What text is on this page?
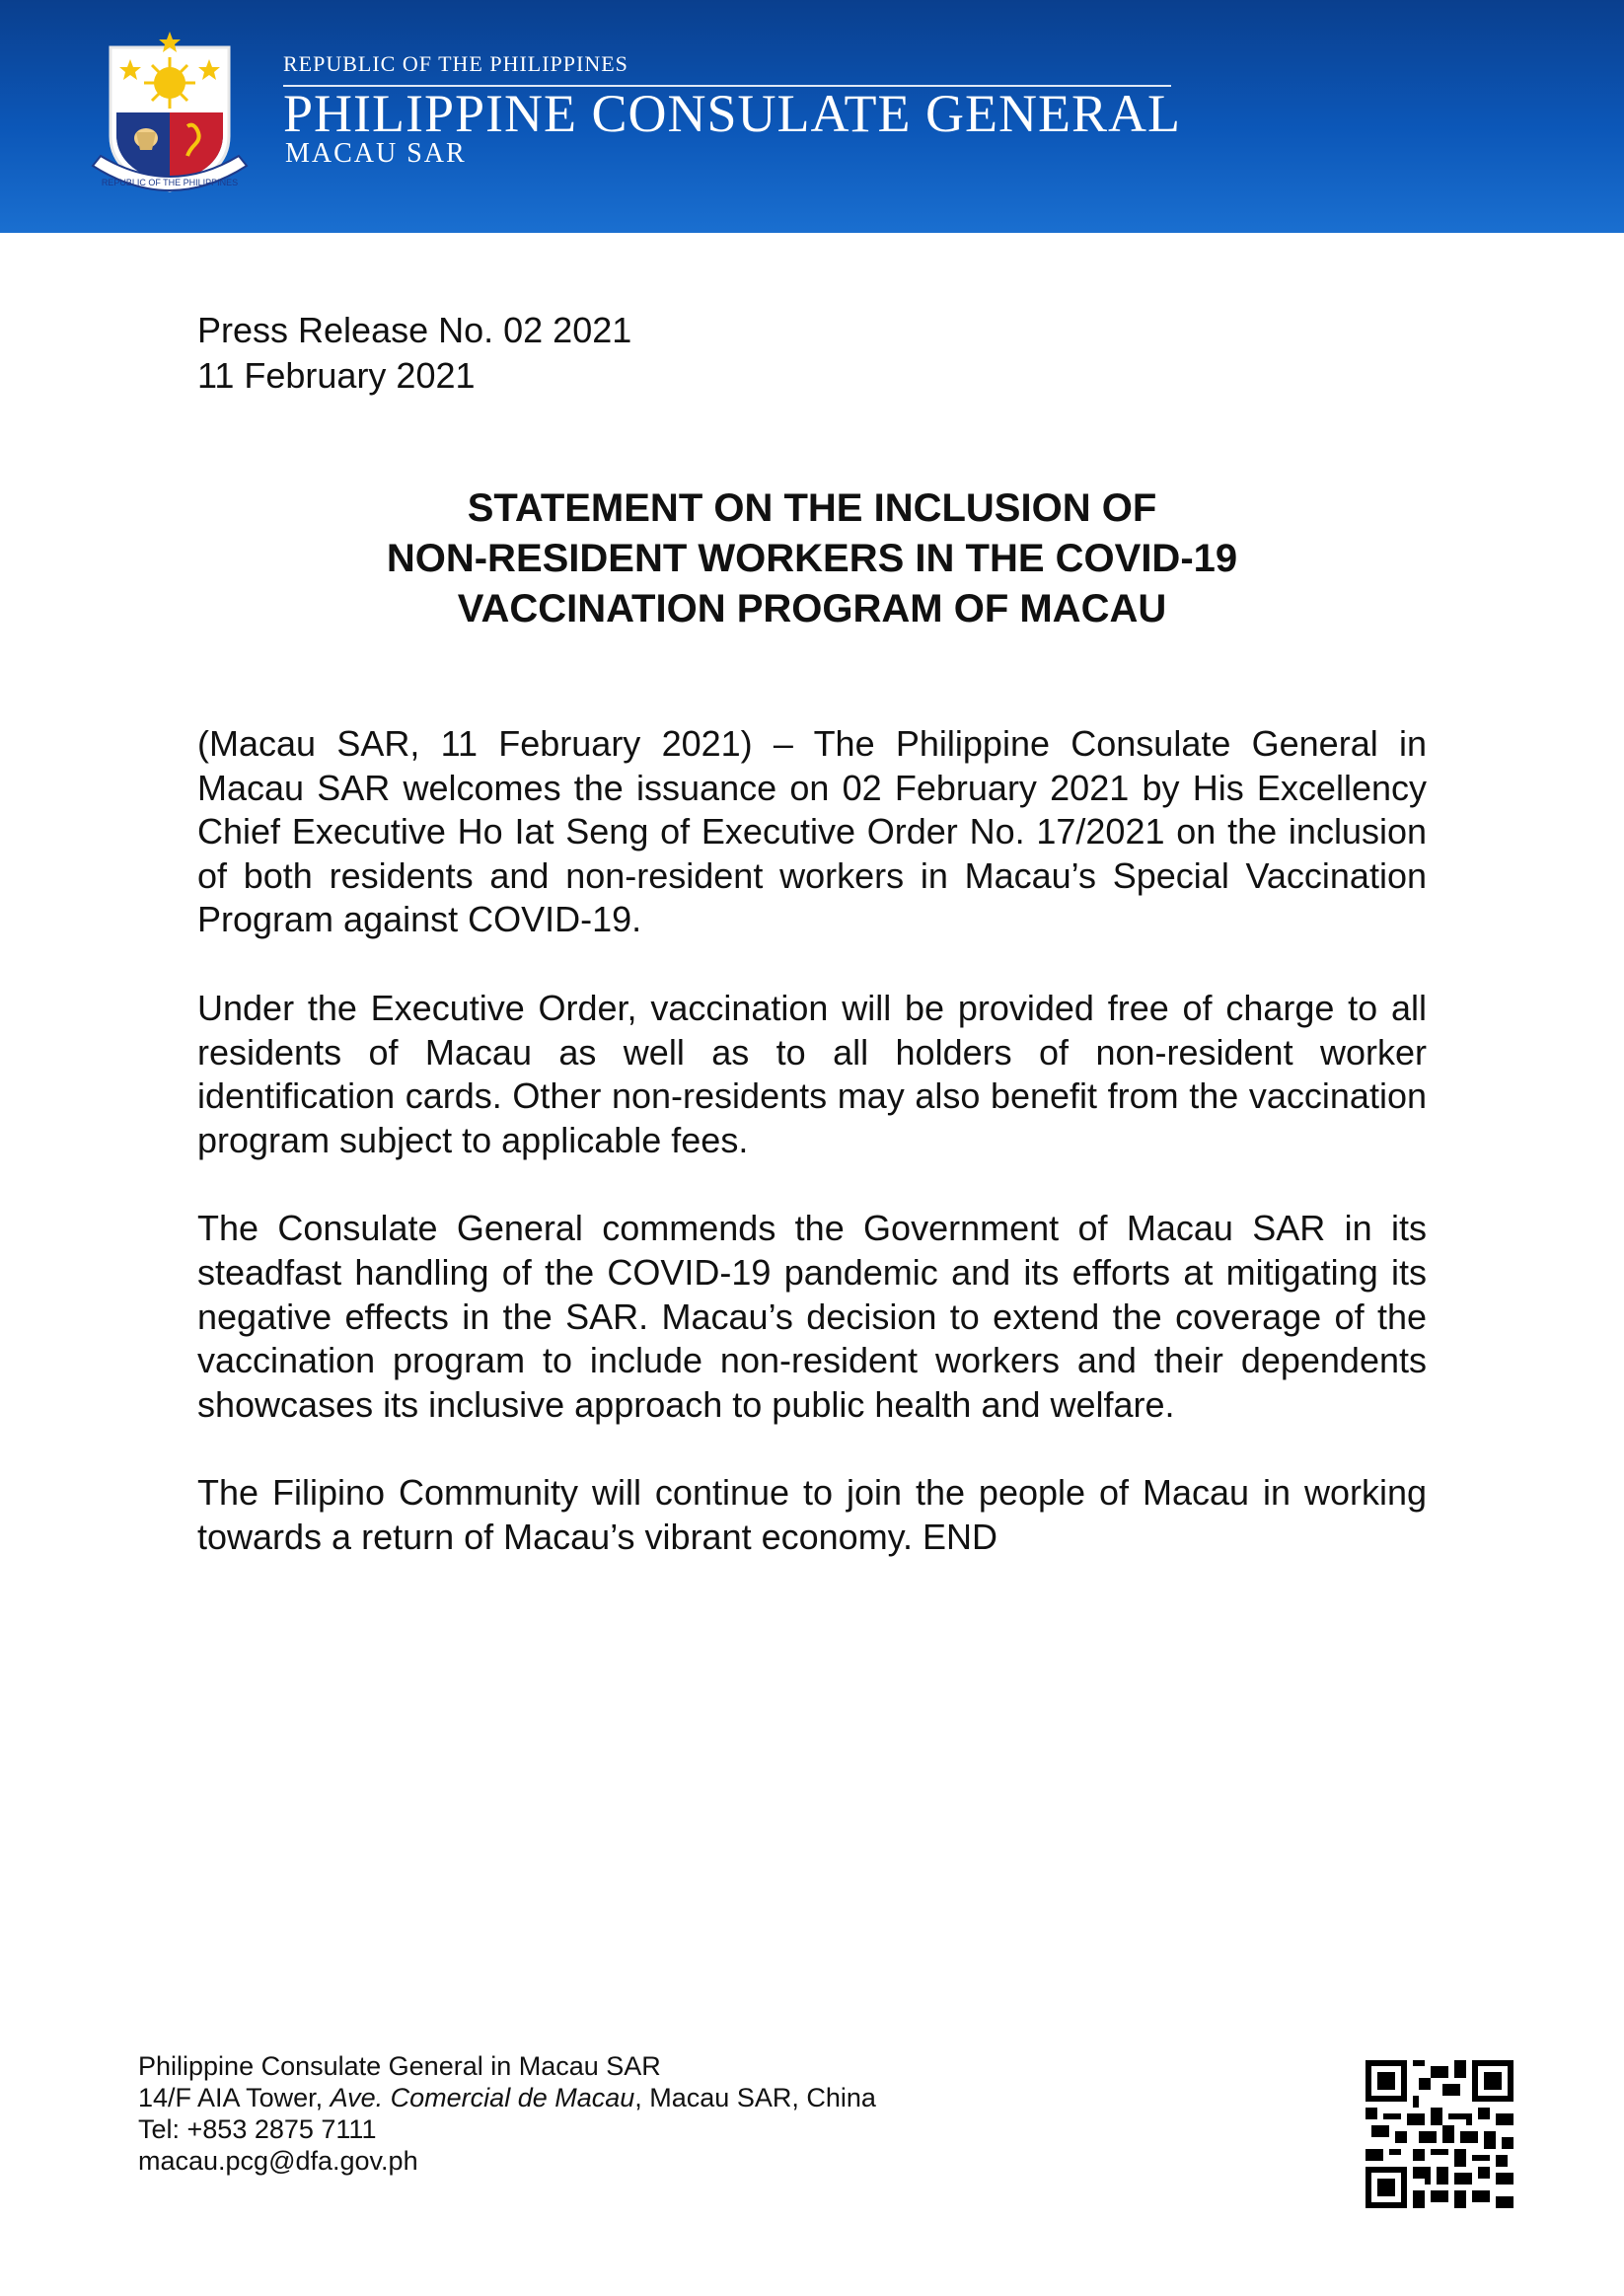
REPUBLIC OF THE PHILIPPINES
REPUBLIC OF THE PHILIPPINES
PHILIPPINE CONSULATE GENERAL
MACAU SAR
Press Release No. 02 2021
11 February 2021
STATEMENT ON THE INCLUSION OF
NON-RESIDENT WORKERS IN THE COVID-19
VACCINATION PROGRAM OF MACAU

(Macau SAR, 11 February 2021) – The Philippine Consulate General in Macau SAR welcomes the issuance on 02 February 2021 by His Excellency Chief Executive Ho Iat Seng of Executive Order No. 17/2021 on the inclusion of both residents and non-resident workers in Macau’s Special Vaccination Program against COVID-19.

Under the Executive Order, vaccination will be provided free of charge to all residents of Macau as well as to all holders of non-resident worker identification cards. Other non-residents may also benefit from the vaccination program subject to applicable fees.

The Consulate General commends the Government of Macau SAR in its steadfast handling of the COVID-19 pandemic and its efforts at mitigating its negative effects in the SAR. Macau’s decision to extend the coverage of the vaccination program to include non-resident workers and their dependents showcases its inclusive approach to public health and welfare.

The Filipino Community will continue to join the people of Macau in working towards a return of Macau’s vibrant economy. END

Philippine Consulate General in Macau SAR
14/F AIA Tower, Ave. Comercial de Macau, Macau SAR, China
Tel: +853 2875 7111
macau.pcg@dfa.gov.ph
